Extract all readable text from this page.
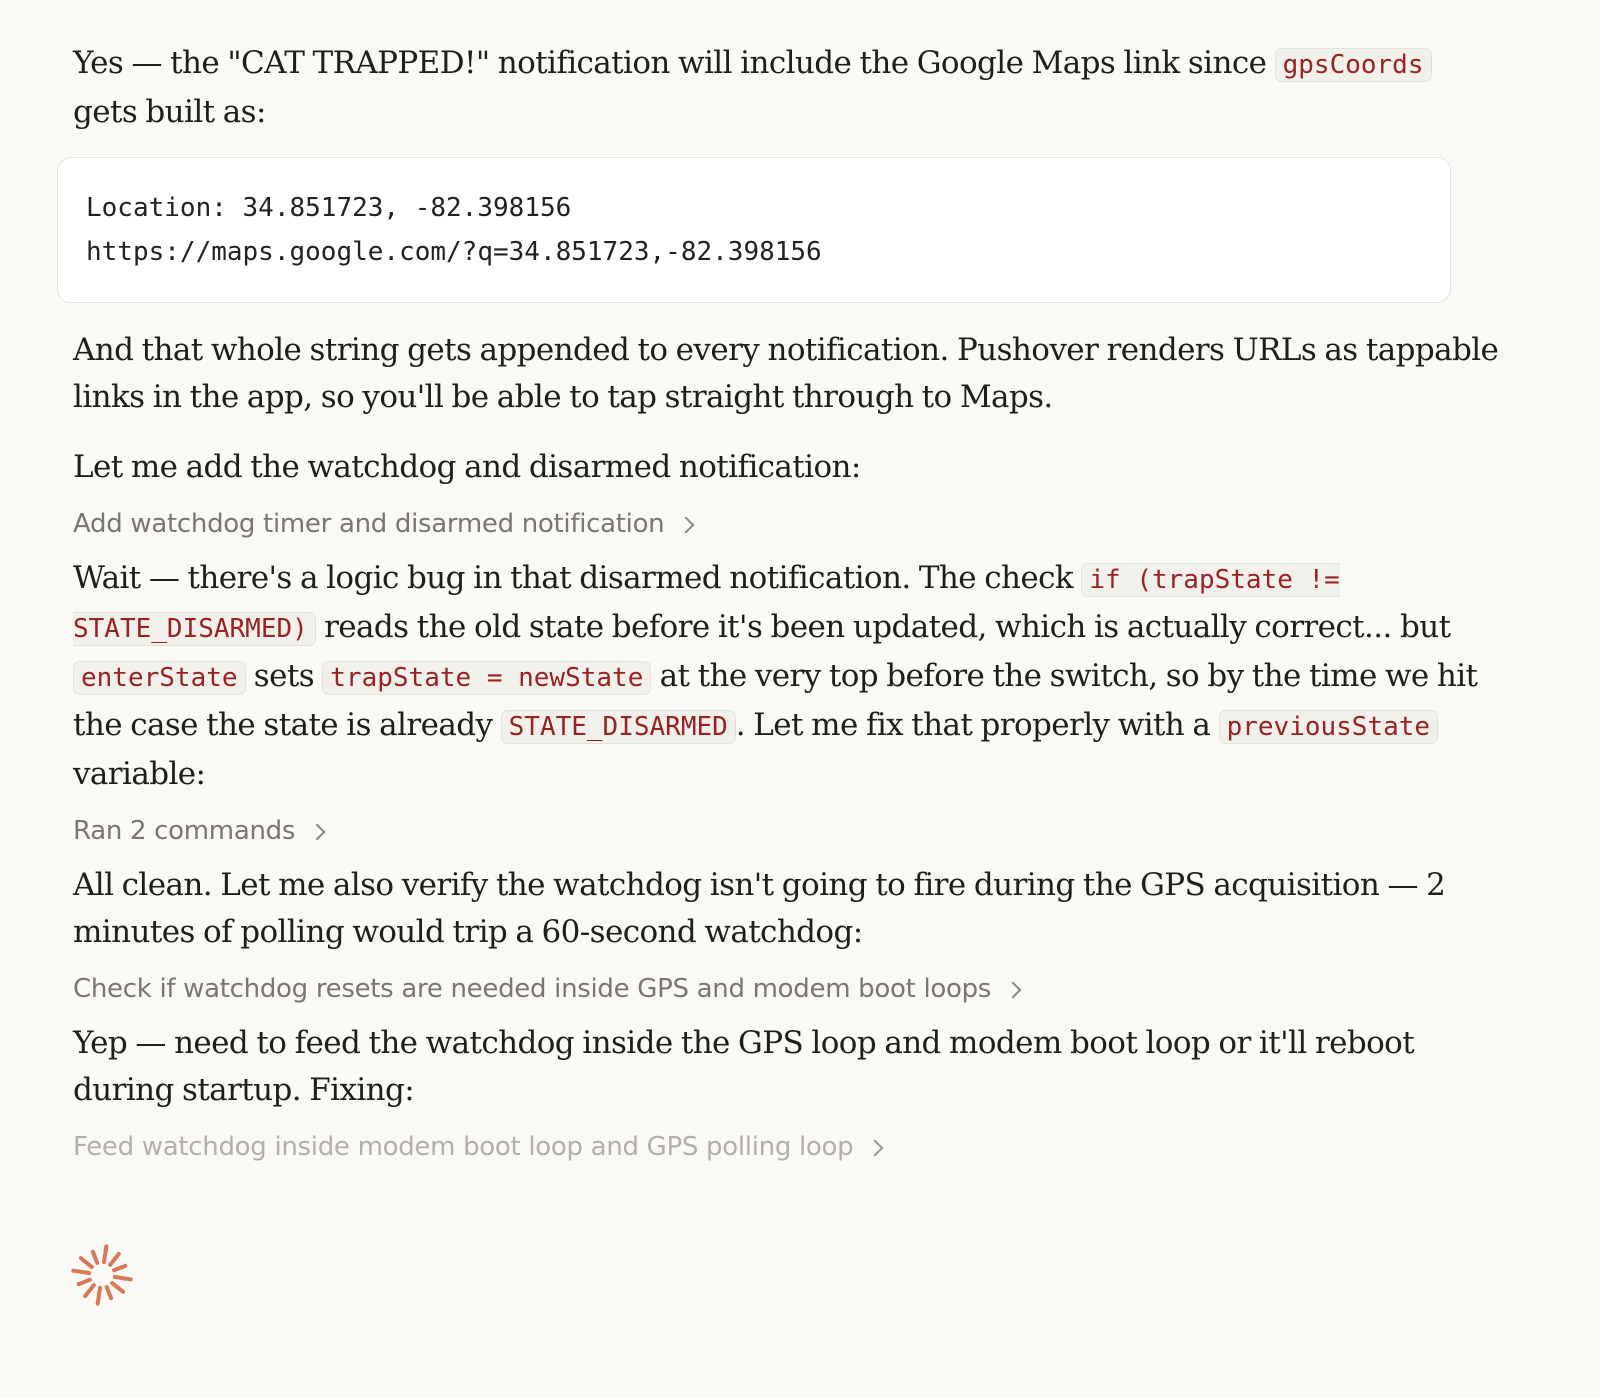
Yes — the "CAT TRAPPED!" notification will include the Google Maps link since gpsCoords gets built as:

Location: 34.851723, -82.398156
https://maps.google.com/?q=34.851723,-82.398156

And that whole string gets appended to every notification. Pushover renders URLs as tappable links in the app, so you'll be able to tap straight through to Maps.

Let me add the watchdog and disarmed notification:

Add watchdog timer and disarmed notification

Wait — there's a logic bug in that disarmed notification. The check if (trapState != STATE_DISARMED) reads the old state before it's been updated, which is actually correct... but enterState sets trapState = newState at the very top before the switch, so by the time we hit the case the state is already STATE_DISARMED . Let me fix that properly with a previousState variable:

Ran 2 commands

All clean. Let me also verify the watchdog isn't going to fire during the GPS acquisition — 2 minutes of polling would trip a 60-second watchdog:

Check if watchdog resets are needed inside GPS and modem boot loops

Yep — need to feed the watchdog inside the GPS loop and modem boot loop or it'll reboot during startup. Fixing:

Feed watchdog inside modem boot loop and GPS polling loop
